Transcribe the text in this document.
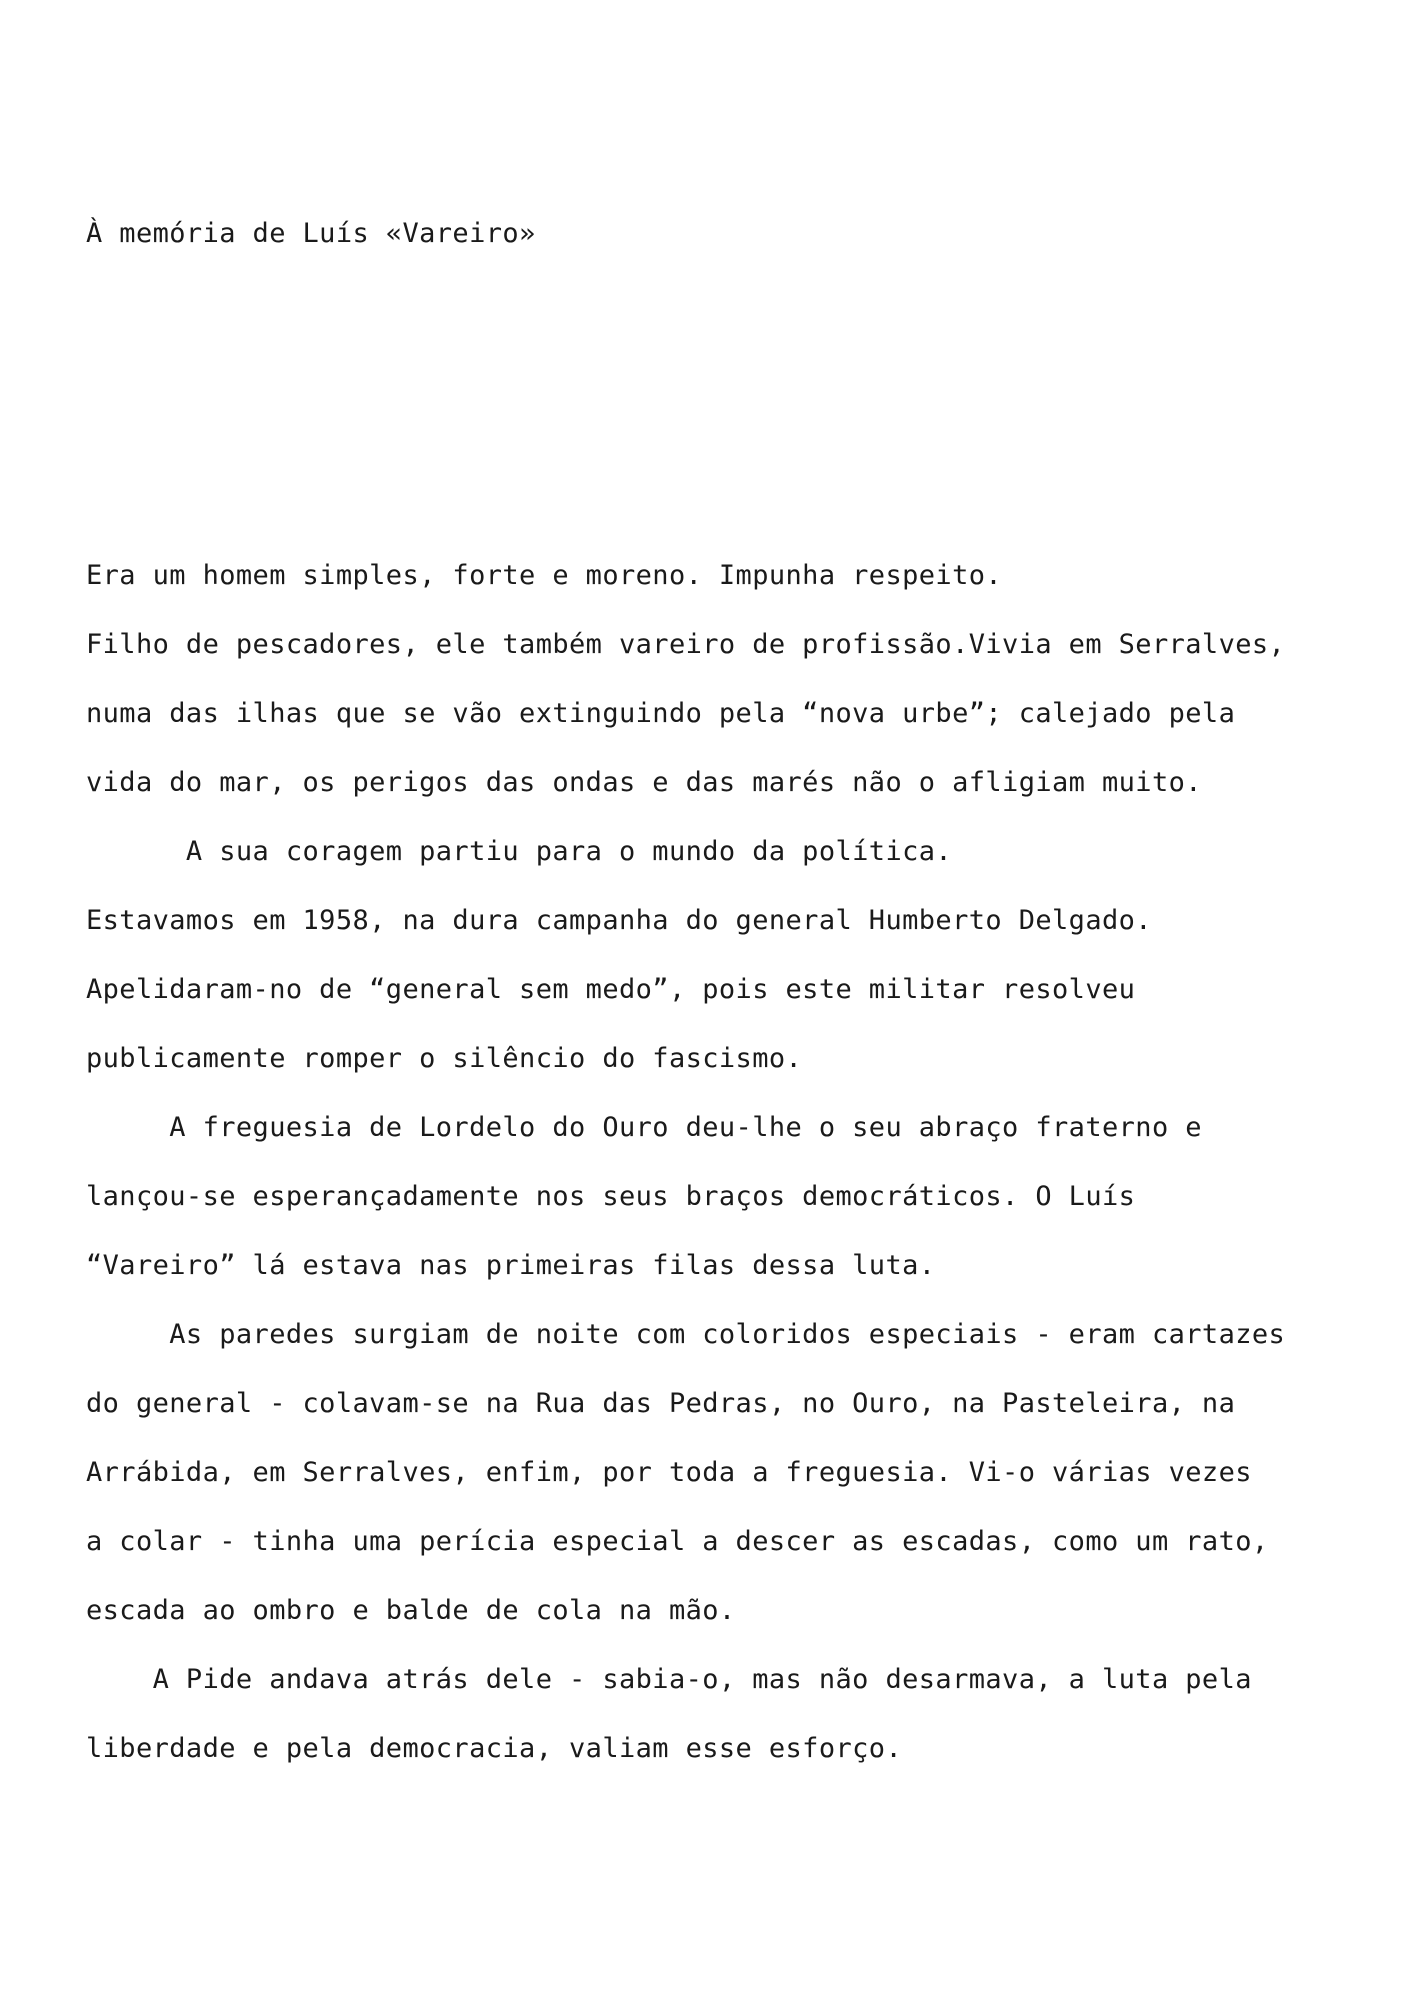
À memória de Luís «Vareiro»
Era um homem simples, forte e moreno. Impunha respeito.
Filho de pescadores, ele também vareiro de profissão.Vivia em Serralves,
numa das ilhas que se vão extinguindo pela “nova urbe”; calejado pela
vida do mar, os perigos das ondas e das marés não o afligiam muito.
A sua coragem partiu para o mundo da política.
Estavamos em 1958, na dura campanha do general Humberto Delgado.
Apelidaram-no de “general sem medo”, pois este militar resolveu
publicamente romper o silêncio do fascismo.
A freguesia de Lordelo do Ouro deu-lhe o seu abraço fraterno e
lançou-se esperançadamente nos seus braços democráticos. O Luís
“Vareiro” lá estava nas primeiras filas dessa luta.
As paredes surgiam de noite com coloridos especiais - eram cartazes
do general - colavam-se na Rua das Pedras, no Ouro, na Pasteleira, na
Arrábida, em Serralves, enfim, por toda a freguesia. Vi-o várias vezes
a colar - tinha uma perícia especial a descer as escadas, como um rato,
escada ao ombro e balde de cola na mão.
A Pide andava atrás dele - sabia-o, mas não desarmava, a luta pela
liberdade e pela democracia, valiam esse esforço.
